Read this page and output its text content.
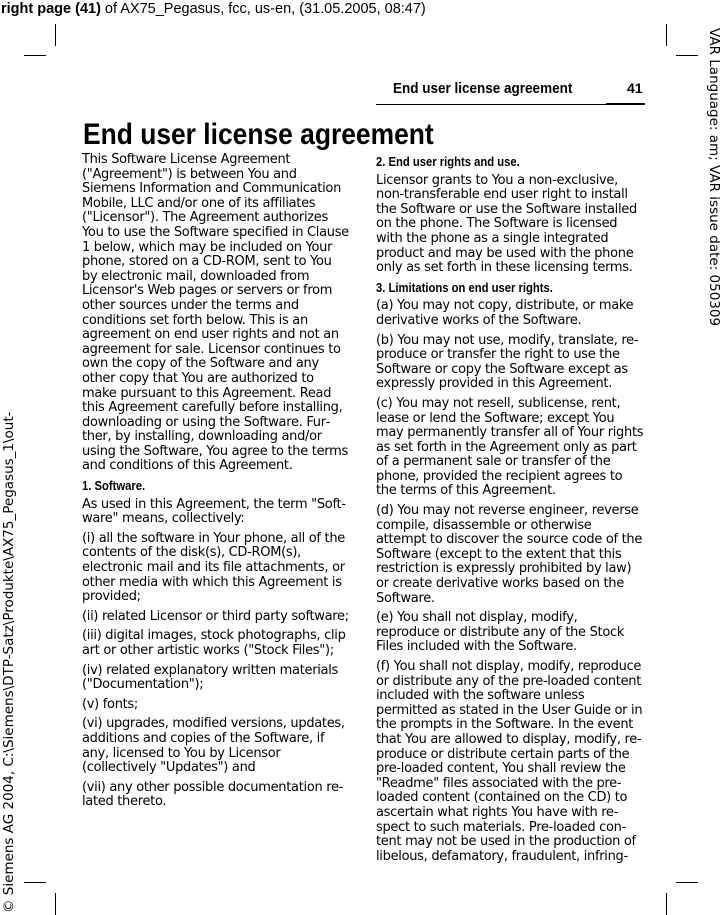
right page (41) of AX75_Pegasus, fcc, us-en, (31.05.2005, 08:47)
© Siemens AG 2004, C:\Siemens\DTP-Satz\Produkte\AX75_Pegasus_1\out-
VAR Language: am; VAR issue date: 050309
End user license agreement	41
End user license agreement

This Software License Agreement ("Agreement") is between You and Siemens Information and Communication Mobile, LLC and/or one of its affiliates ("Licensor"). The Agreement authorizes You to use the Software specified in Clause 1 below, which may be included on Your phone, stored on a CD-ROM, sent to You by electronic mail, downloaded from Licensor's Web pages or servers or from other sources under the terms and conditions set forth below. This is an agreement on end user rights and not an agreement for sale. Licensor continues to own the copy of the Software and any other copy that You are authorized to make pursuant to this Agreement. Read this Agreement carefully before installing, downloading or using the Software. Further, by installing, downloading and/or using the Software, You agree to the terms and conditions of this Agreement.

1. Software.

As used in this Agreement, the term "Software" means, collectively:

(i) all the software in Your phone, all of the contents of the disk(s), CD-ROM(s), electronic mail and its file attachments, or other media with which this Agreement is provided;

(ii) related Licensor or third party software;

(iii) digital images, stock photographs, clip art or other artistic works ("Stock Files");

(iv) related explanatory written materials ("Documentation");

(v) fonts;

(vi) upgrades, modified versions, updates, additions and copies of the Software, if any, licensed to You by Licensor (collectively "Updates") and

(vii) any other possible documentation related thereto.

2. End user rights and use.

Licensor grants to You a non-exclusive, non-transferable end user right to install the Software or use the Software installed on the phone. The Software is licensed with the phone as a single integrated product and may be used with the phone only as set forth in these licensing terms.

3. Limitations on end user rights.

(a) You may not copy, distribute, or make derivative works of the Software.

(b) You may not use, modify, translate, reproduce or transfer the right to use the Software or copy the Software except as expressly provided in this Agreement.

(c) You may not resell, sublicense, rent, lease or lend the Software; except You may permanently transfer all of Your rights as set forth in the Agreement only as part of a permanent sale or transfer of the phone, provided the recipient agrees to the terms of this Agreement.

(d) You may not reverse engineer, reverse compile, disassemble or otherwise attempt to discover the source code of the Software (except to the extent that this restriction is expressly prohibited by law) or create derivative works based on the Software.

(e) You shall not display, modify, reproduce or distribute any of the Stock Files included with the Software.

(f) You shall not display, modify, reproduce or distribute any of the pre-loaded content included with the software unless permitted as stated in the User Guide or in the prompts in the Software. In the event that You are allowed to display, modify, reproduce or distribute certain parts of the pre-loaded content, You shall review the "Readme" files associated with the pre-loaded content (contained on the CD) to ascertain what rights You have with respect to such materials. Pre-loaded content may not be used in the production of libelous, defamatory, fraudulent, infring-
